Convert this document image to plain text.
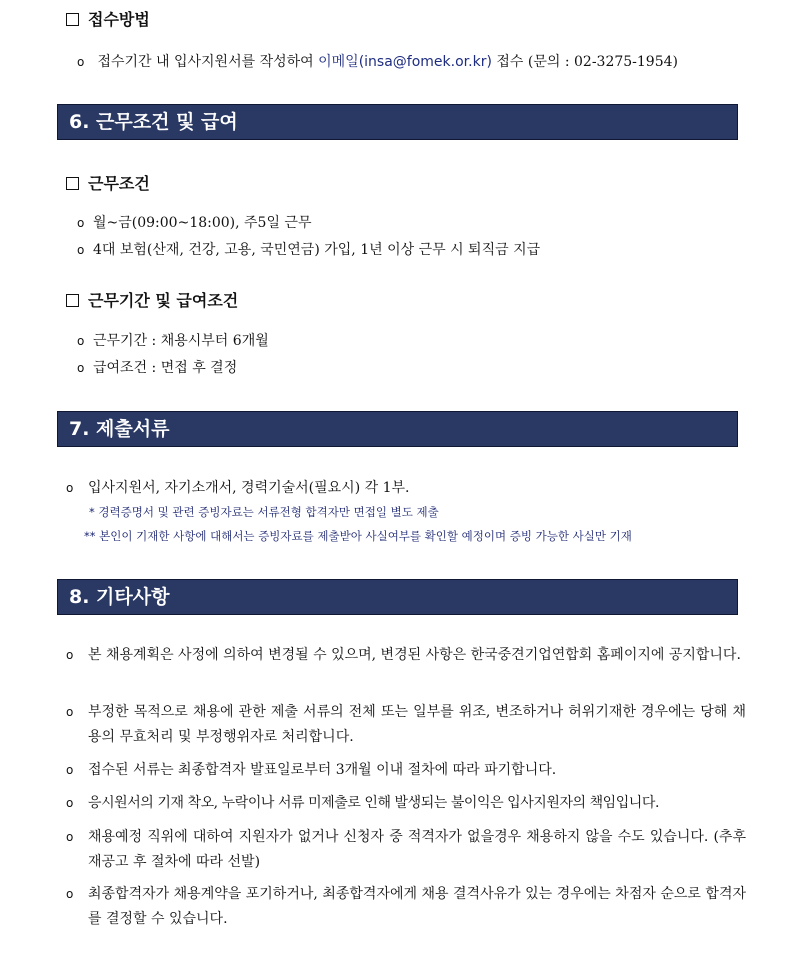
접수방법
ο 접수기간 내 입사지원서를 작성하여 이메일(insa@fomek.or.kr) 접수 (문의 : 02-3275-1954)
6. 근무조건 및 급여
근무조건
ο 월~금(09:00~18:00), 주5일 근무
ο 4대 보험(산재, 건강, 고용, 국민연금) 가입, 1년 이상 근무 시 퇴직금 지급
근무기간 및 급여조건
ο 근무기간 : 채용시부터 6개월
ο 급여조건 : 면접 후 결정
7. 제출서류
ο 입사지원서, 자기소개서, 경력기술서(필요시) 각 1부.
* 경력증명서 및 관련 증빙자료는 서류전형 합격자만 면접일 별도 제출
** 본인이 기재한 사항에 대해서는 증빙자료를 제출받아 사실여부를 확인할 예정이며 증빙 가능한 사실만 기재
8. 기타사항
ο 본 채용계획은 사정에 의하여 변경될 수 있으며, 변경된 사항은 한국중견기업연합회 홈페이지에 공지합니다.
ο 부정한 목적으로 채용에 관한 제출 서류의 전체 또는 일부를 위조, 변조하거나 허위기재한 경우에는 당해 채용의 무효처리 및 부정행위자로 처리합니다.
ο 접수된 서류는 최종합격자 발표일로부터 3개월 이내 절차에 따라 파기합니다.
ο 응시원서의 기재 착오, 누락이나 서류 미제출로 인해 발생되는 불이익은 입사지원자의 책임입니다.
ο 채용예정 직위에 대하여 지원자가 없거나 신청자 중 적격자가 없을경우 채용하지 않을 수도 있습니다. (추후 재공고 후 절차에 따라 선발)
ο 최종합격자가 채용계약을 포기하거나, 최종합격자에게 채용 결격사유가 있는 경우에는 차점자 순으로 합격자를 결정할 수 있습니다.
